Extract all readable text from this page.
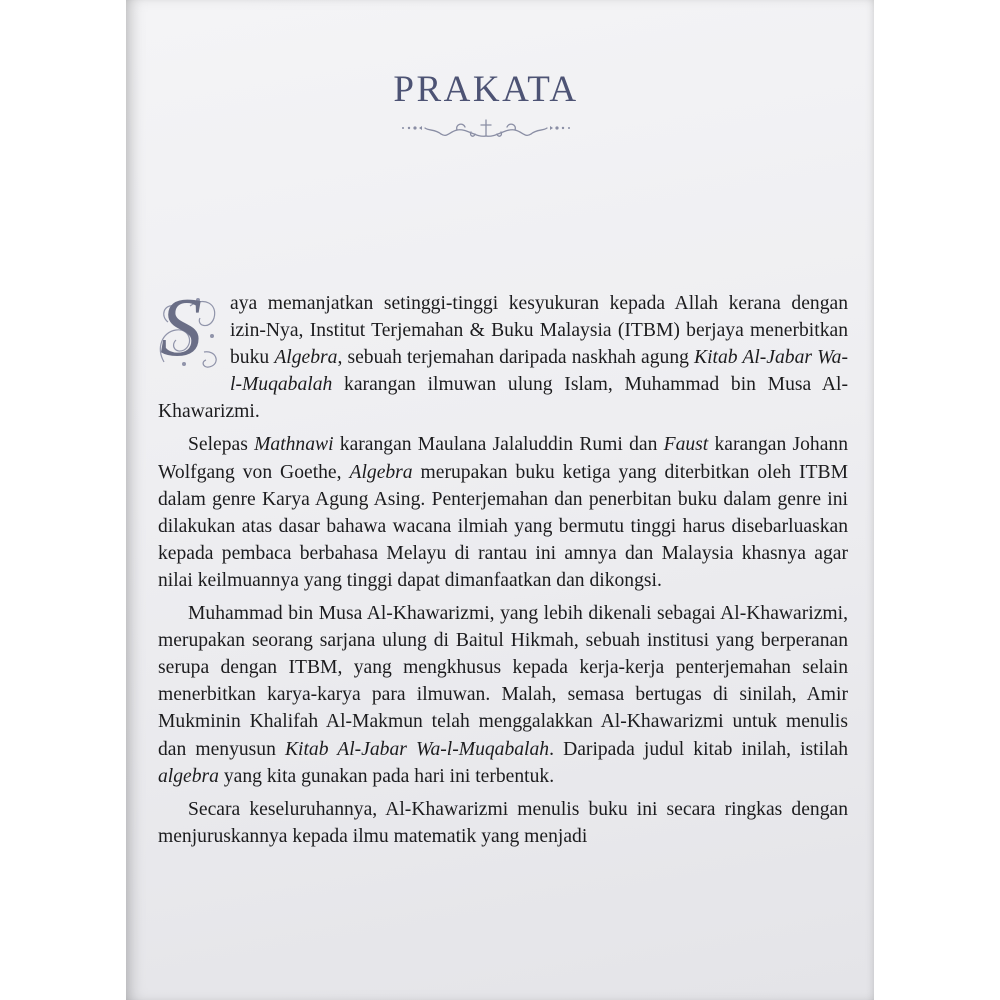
PRAKATA

S aya memanjatkan setinggi-tinggi kesyukuran kepada Allah kerana dengan izin-Nya, Institut Terjemahan & Buku Malaysia (ITBM) berjaya menerbitkan buku Algebra, sebuah terjemahan daripada naskhah agung Kitab Al-Jabar Wa-l-Muqabalah karangan ilmuwan ulung Islam, Muhammad bin Musa Al-Khawarizmi.

Selepas Mathnawi karangan Maulana Jalaluddin Rumi dan Faust karangan Johann Wolfgang von Goethe, Algebra merupakan buku ketiga yang diterbitkan oleh ITBM dalam genre Karya Agung Asing. Penterjemahan dan penerbitan buku dalam genre ini dilakukan atas dasar bahawa wacana ilmiah yang bermutu tinggi harus disebarluaskan kepada pembaca berbahasa Melayu di rantau ini amnya dan Malaysia khasnya agar nilai keilmuannya yang tinggi dapat dimanfaatkan dan dikongsi.

Muhammad bin Musa Al-Khawarizmi, yang lebih dikenali sebagai Al-Khawarizmi, merupakan seorang sarjana ulung di Baitul Hikmah, sebuah institusi yang berperanan serupa dengan ITBM, yang mengkhusus kepada kerja-kerja penterjemahan selain menerbitkan karya-karya para ilmuwan. Malah, semasa bertugas di sinilah, Amir Mukminin Khalifah Al-Makmun telah menggalakkan Al-Khawarizmi untuk menulis dan menyusun Kitab Al-Jabar Wa-l-Muqabalah. Daripada judul kitab inilah, istilah algebra yang kita gunakan pada hari ini terbentuk.

Secara keseluruhannya, Al-Khawarizmi menulis buku ini secara ringkas dengan menjuruskannya kepada ilmu matematik yang menjadi
